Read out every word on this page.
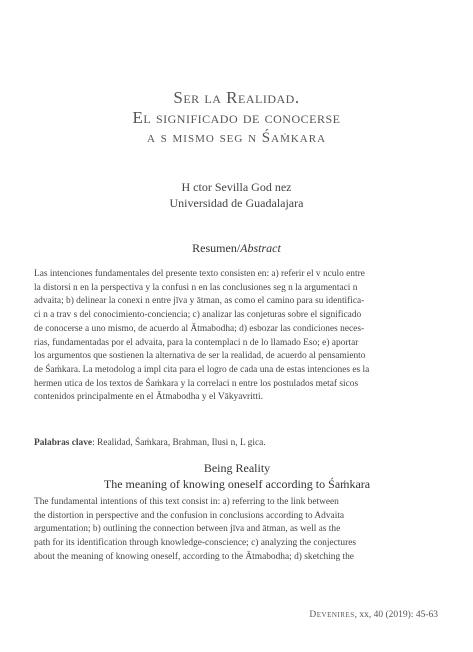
Ser la Realidad.
El significado de conocerse
a s mismo seg n Śaṁkara
H ctor Sevilla God nez
Universidad de Guadalajara
Resumen/Abstract
Las intenciones fundamentales del presente texto consisten en: a) referir el v nculo entre
la distorsi n en la perspectiva y la confusi n en las conclusiones seg n la argumentaci n
advaita; b) delinear la conexi n entre jīva y ātman, as como el camino para su identifica-
ci n a trav s del conocimiento-conciencia; c) analizar las conjeturas sobre el significado
de conocerse a uno mismo, de acuerdo al Ātmabodha; d) esbozar las condiciones neces-
rias, fundamentadas por el advaita, para la contemplaci n de lo llamado Eso; e) aportar
los argumentos que sostienen la alternativa de ser la realidad, de acuerdo al pensamiento
de Śaṁkara. La metodolog a impl cita para el logro de cada una de estas intenciones es la
hermen utica de los textos de Śaṁkara y la correlaci n entre los postulados metaf sicos
contenidos principalmente en el Ātmabodha y el Vākyavritti.
Palabras clave: Realidad, Śaṁkara, Brahman, Ilusi n, L gica.
Being Reality
The meaning of knowing oneself according to Śaṁkara
The fundamental intentions of this text consist in: a) referring to the link between
the distortion in perspective and the confusion in conclusions according to Advaita
argumentation; b) outlining the connection between jīva and ātman, as well as the
path for its identification through knowledge-conscience; c) analyzing the conjectures
about the meaning of knowing oneself, according to the Ātmabodha; d) sketching the
Devenires, xx, 40 (2019): 45-63
